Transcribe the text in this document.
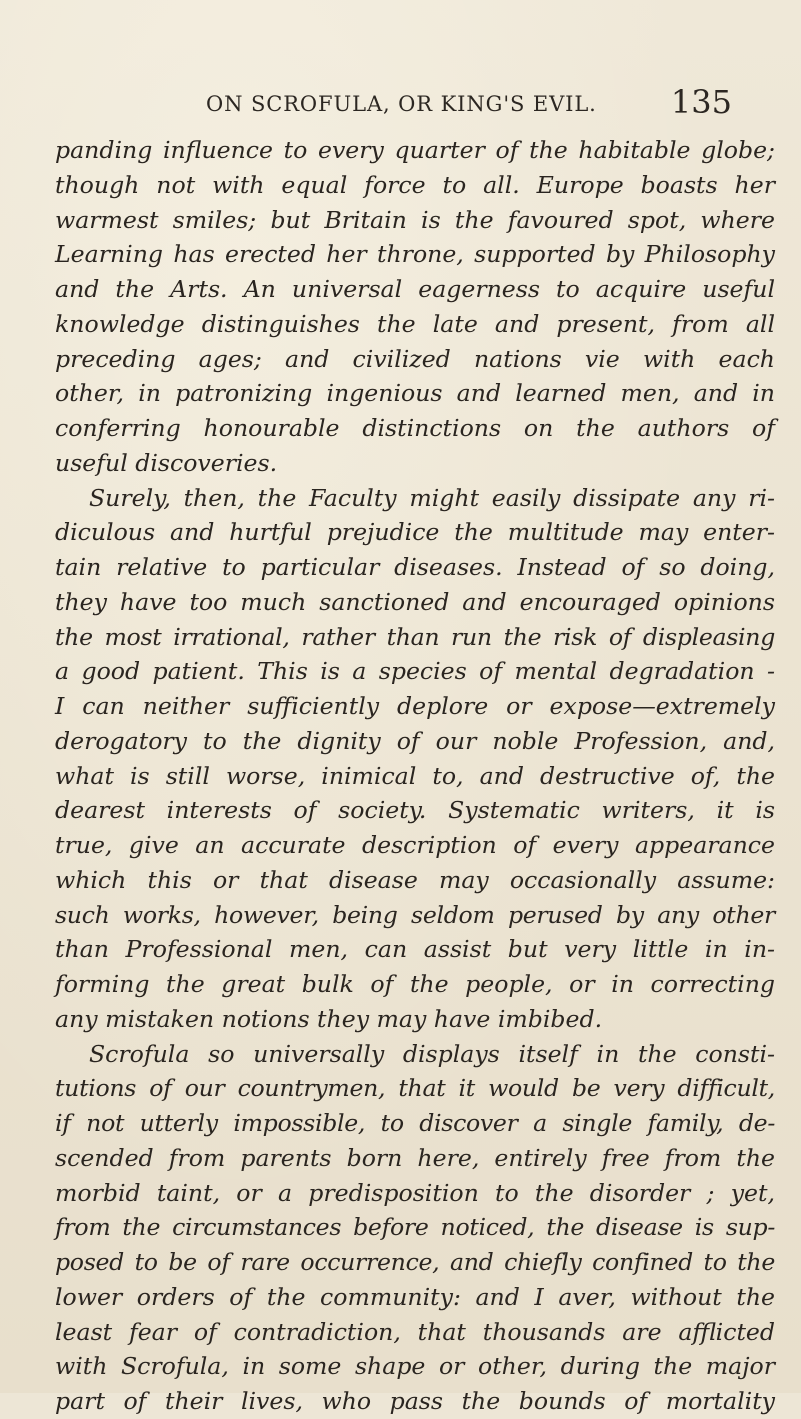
ON SCROFULA, OR KING'S EVIL. 135
panding influence to every quarter of the habitable globe;
though not with equal force to all. Europe boasts her
warmest smiles; but Britain is the favoured spot, where
Learning has erected her throne, supported by Philosophy
and the Arts. An universal eagerness to acquire useful
knowledge distinguishes the late and present, from all
preceding ages; and civilized nations vie with each
other, in patronizing ingenious and learned men, and in
conferring honourable distinctions on the authors of
useful discoveries.
Surely, then, the Faculty might easily dissipate any ri-
diculous and hurtful prejudice the multitude may enter-
tain relative to particular diseases. Instead of so doing,
they have too much sanctioned and encouraged opinions
the most irrational, rather than run the risk of displeasing
a good patient. This is a species of mental degradation -
I can neither sufficiently deplore or expose—extremely
derogatory to the dignity of our noble Profession, and,
what is still worse, inimical to, and destructive of, the
dearest interests of society. Systematic writers, it is
true, give an accurate description of every appearance
which this or that disease may occasionally assume:
such works, however, being seldom perused by any other
than Professional men, can assist but very little in in-
forming the great bulk of the people, or in correcting
any mistaken notions they may have imbibed.
Scrofula so universally displays itself in the consti-
tutions of our countrymen, that it would be very difficult,
if not utterly impossible, to discover a single family, de-
scended from parents born here, entirely free from the
morbid taint, or a predisposition to the disorder ; yet,
from the circumstances before noticed, the disease is sup-
posed to be of rare occurrence, and chiefly confined to the
lower orders of the community: and I aver, without the
least fear of contradiction, that thousands are afflicted
with Scrofula, in some shape or other, during the major
part of their lives, who pass the bounds of mortality
